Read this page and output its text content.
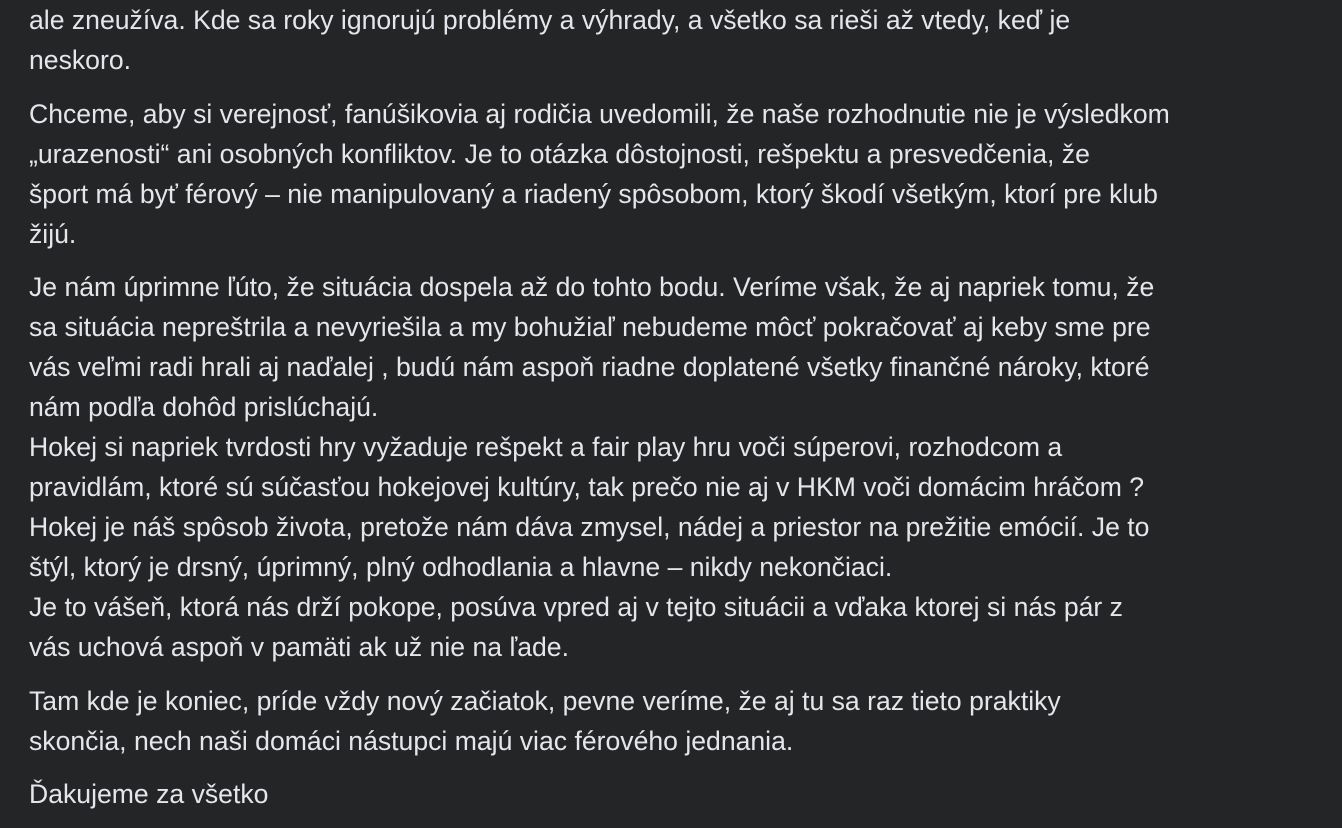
ale zneužíva. Kde sa roky ignorujú problémy a výhrady, a všetko sa rieši až vtedy, keď je
neskoro.
Chceme, aby si verejnosť, fanúšikovia aj rodičia uvedomili, že naše rozhodnutie nie je výsledkom
„urazenosti“ ani osobných konfliktov. Je to otázka dôstojnosti, rešpektu a presvedčenia, že
šport má byť férový – nie manipulovaný a riadený spôsobom, ktorý škodí všetkým, ktorí pre klub
žijú.
Je nám úprimne ľúto, že situácia dospela až do tohto bodu. Veríme však, že aj napriek tomu, že
sa situácia nepreštrila a nevyriešila a my bohužiaľ nebudeme môcť pokračovať aj keby sme pre
vás veľmi radi hrali aj naďalej , budú nám aspoň riadne doplatené všetky finančné nároky, ktoré
nám podľa dohôd prislúchajú.
Hokej si napriek tvrdosti hry vyžaduje rešpekt a fair play hru voči súperovi, rozhodcom a
pravidlám, ktoré sú súčasťou hokejovej kultúry, tak prečo nie aj v HKM voči domácim hráčom ?
Hokej je náš spôsob života, pretože nám dáva zmysel, nádej a priestor na prežitie emócií. Je to
štýl, ktorý je drsný, úprimný, plný odhodlania a hlavne – nikdy nekončiaci.
Je to vášeň, ktorá nás drží pokope, posúva vpred aj v tejto situácii a vďaka ktorej si nás pár z
vás uchová aspoň v pamäti ak už nie na ľade.
Tam kde je koniec, príde vždy nový začiatok, pevne veríme, že aj tu sa raz tieto praktiky
skončia, nech naši domáci nástupci majú viac férového jednania.
Ďakujeme za všetko
